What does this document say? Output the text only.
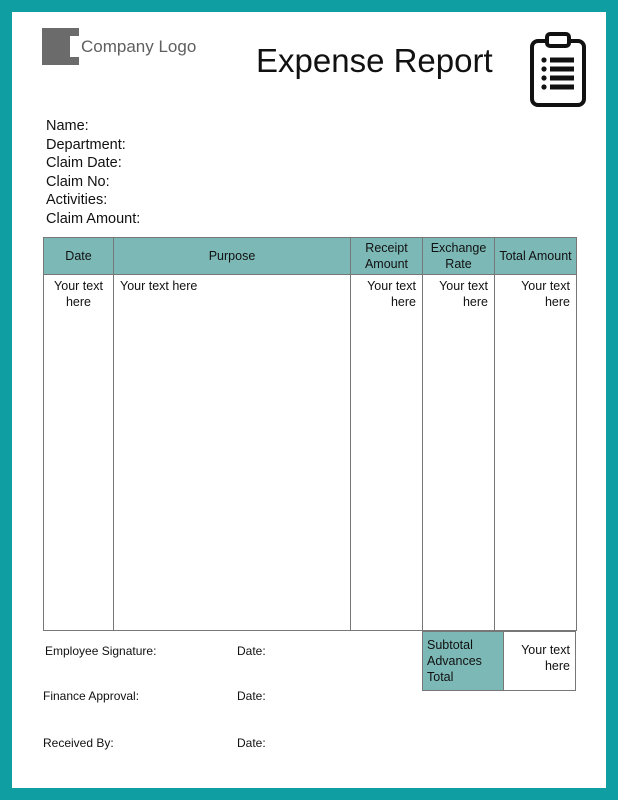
Company Logo Expense Report
Name:
Department:
Claim Date:
Claim No:
Activities:
Claim Amount:
Date	Purpose	Receipt Amount	Exchange Rate	Total Amount
Your text here	Your text here	Your text here	Your text here	Your text here
Subtotal
Advances
Total
	Your text here
Employee Signature:	Date:
Finance Approval:	Date:
Received By:	Date:
